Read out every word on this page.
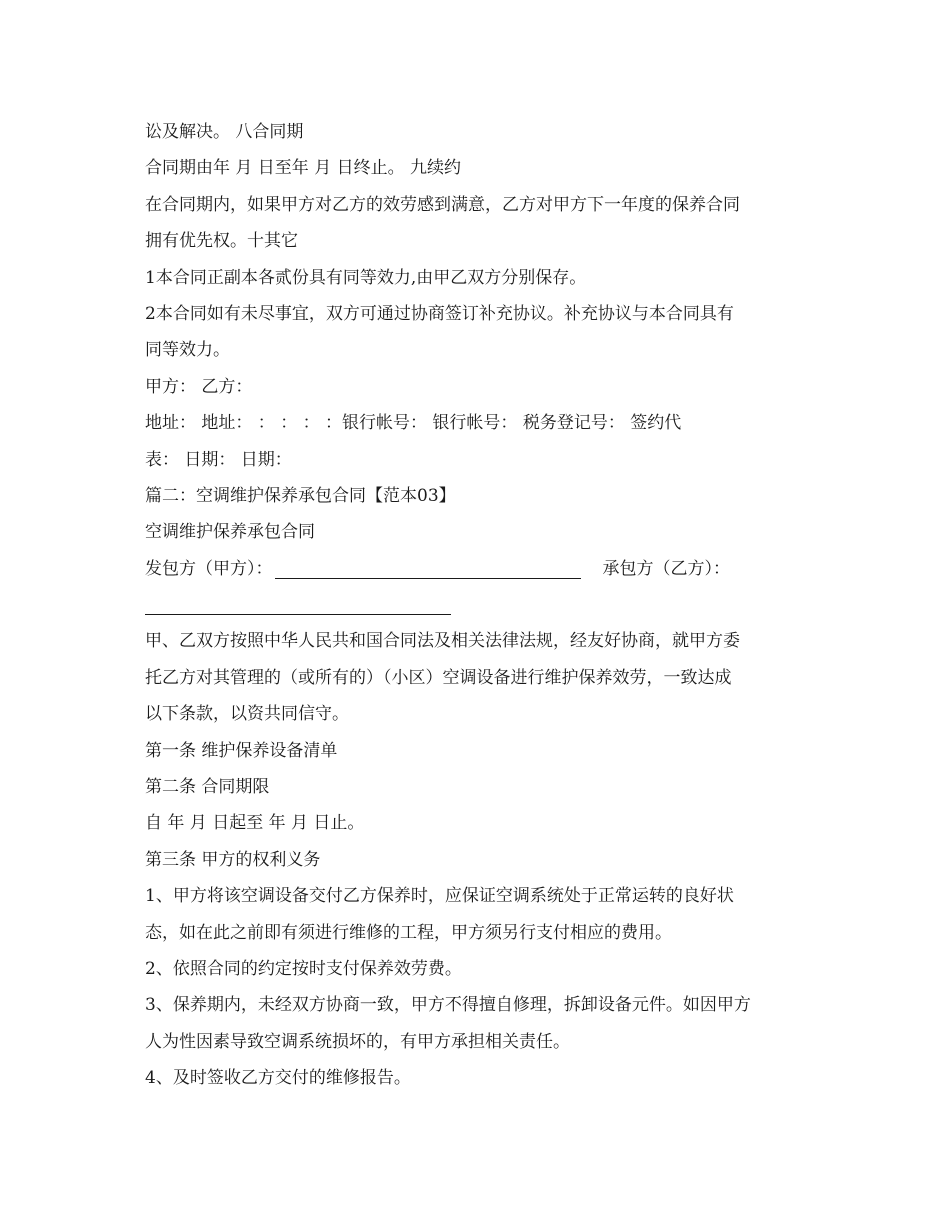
讼及解决。 八合同期
合同期由年 月 日至年 月 日终止。 九续约
在合同期内，如果甲方对乙方的效劳感到满意，乙方对甲方下一年度的保养合同
拥有优先权。十其它
1本合同正副本各贰份具有同等效力,由甲乙双方分别保存。
2本合同如有未尽事宜，双方可通过协商签订补充协议。补充协议与本合同具有
同等效力。
甲方： 乙方：
地址： 地址： ： ： ： ：银行帐号： 银行帐号： 税务登记号： 签约代
表： 日期： 日期：
篇二：空调维护保养承包合同【范本03】
空调维护保养承包合同
发包方（甲方）：	承包方（乙方）：
甲、乙双方按照中华人民共和国合同法及相关法律法规，经友好协商，就甲方委
托乙方对其管理的（或所有的）（小区）空调设备进行维护保养效劳，一致达成
以下条款，以资共同信守。
第一条 维护保养设备清单
第二条 合同期限
自 年 月 日起至 年 月 日止。
第三条 甲方的权利义务
1、甲方将该空调设备交付乙方保养时，应保证空调系统处于正常运转的良好状
态，如在此之前即有须进行维修的工程，甲方须另行支付相应的费用。
2、依照合同的约定按时支付保养效劳费。
3、保养期内，未经双方协商一致，甲方不得擅自修理，拆卸设备元件。如因甲方
人为性因素导致空调系统损坏的，有甲方承担相关责任。
4、及时签收乙方交付的维修报告。
